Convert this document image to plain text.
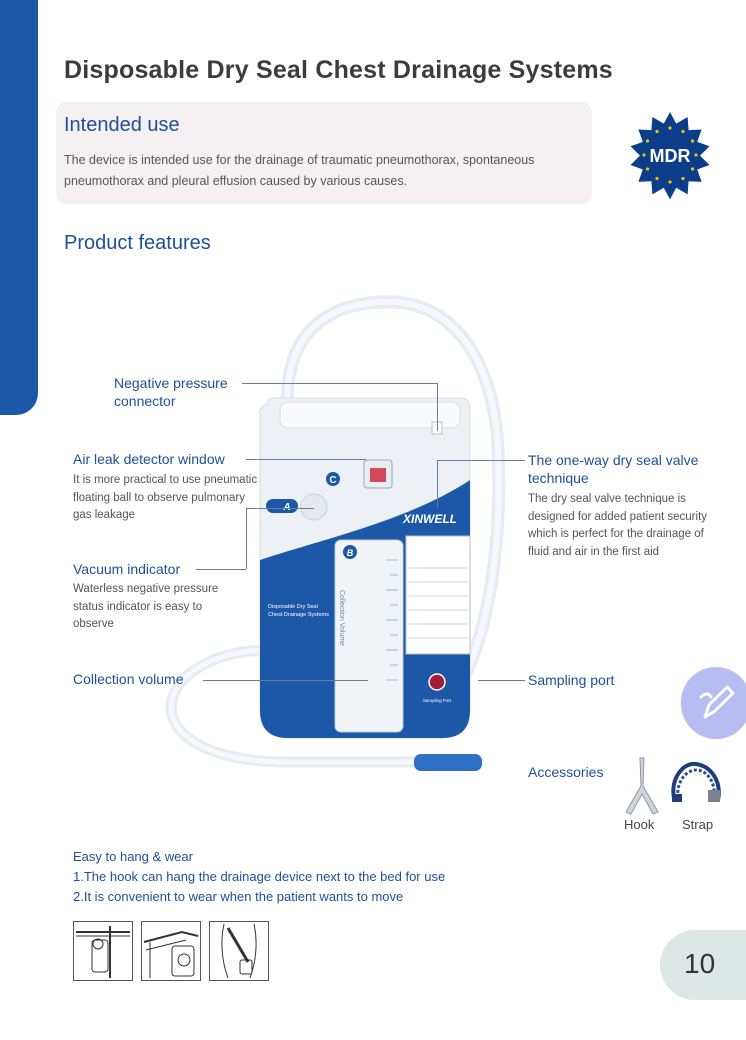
Disposable Dry Seal Chest Drainage Systems
Intended use
The device is intended use for the drainage of traumatic pneumothorax, spontaneous pneumothorax and pleural effusion caused by various causes.
MDR
Product features
C
A
XINWELL
Disposable Dry Seal
Chest Drainage Systems
B
Collection Volume
Sampling Port
Negative pressure connector
Air leak detector window
It is more practical to use pneumatic floating ball to observe pulmonary gas leakage
Vacuum indicator
Waterless negative pressure status indicator is easy to observe
Collection volume
The one-way dry seal valve technique
The dry seal valve technique is designed for added patient security which is perfect for the drainage of fluid and air in the first aid
Sampling port
Accessories
Hook Strap
Easy to hang & wear
1.The hook can hang the drainage device next to the bed for use
2.It is convenient to wear when the patient wants to move
10
